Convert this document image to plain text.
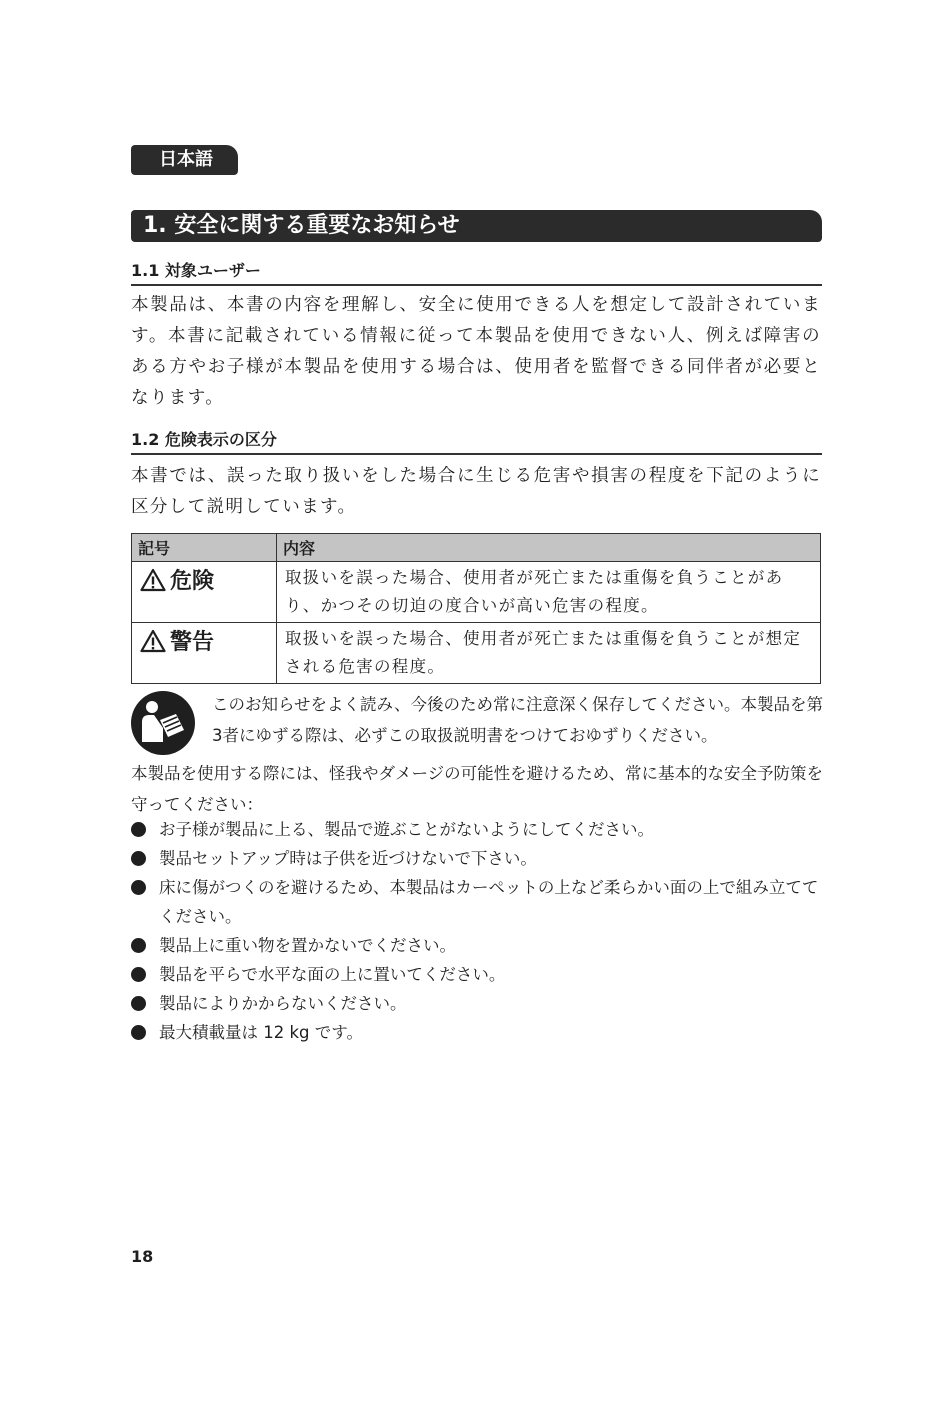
日本語
1. 安全に関する重要なお知らせ
1.1 対象ユーザー
本製品は、本書の内容を理解し、安全に使用できる人を想定して設計されています。本書に記載されている情報に従って本製品を使用できない人、例えば障害のある方やお子様が本製品を使用する場合は、使用者を監督できる同伴者が必要となります。
1.2 危険表示の区分
本書では、誤った取り扱いをした場合に生じる危害や損害の程度を下記のように区分して説明しています。
記号	内容
危険	取扱いを誤った場合、使用者が死亡または重傷を負うことがあり、かつその切迫の度合いが高い危害の程度。
警告	取扱いを誤った場合、使用者が死亡または重傷を負うことが想定される危害の程度。
このお知らせをよく読み、今後のため常に注意深く保存してください。本製品を第3者にゆずる際は、必ずこの取扱説明書をつけておゆずりください。
本製品を使用する際には、怪我やダメージの可能性を避けるため、常に基本的な安全予防策を守ってください：
お子様が製品に上る、製品で遊ぶことがないようにしてください。
製品セットアップ時は子供を近づけないで下さい。
床に傷がつくのを避けるため、本製品はカーペットの上など柔らかい面の上で組み立ててください。
製品上に重い物を置かないでください。
製品を平らで水平な面の上に置いてください。
製品によりかからないください。
最大積載量は 12 kg です。
18
